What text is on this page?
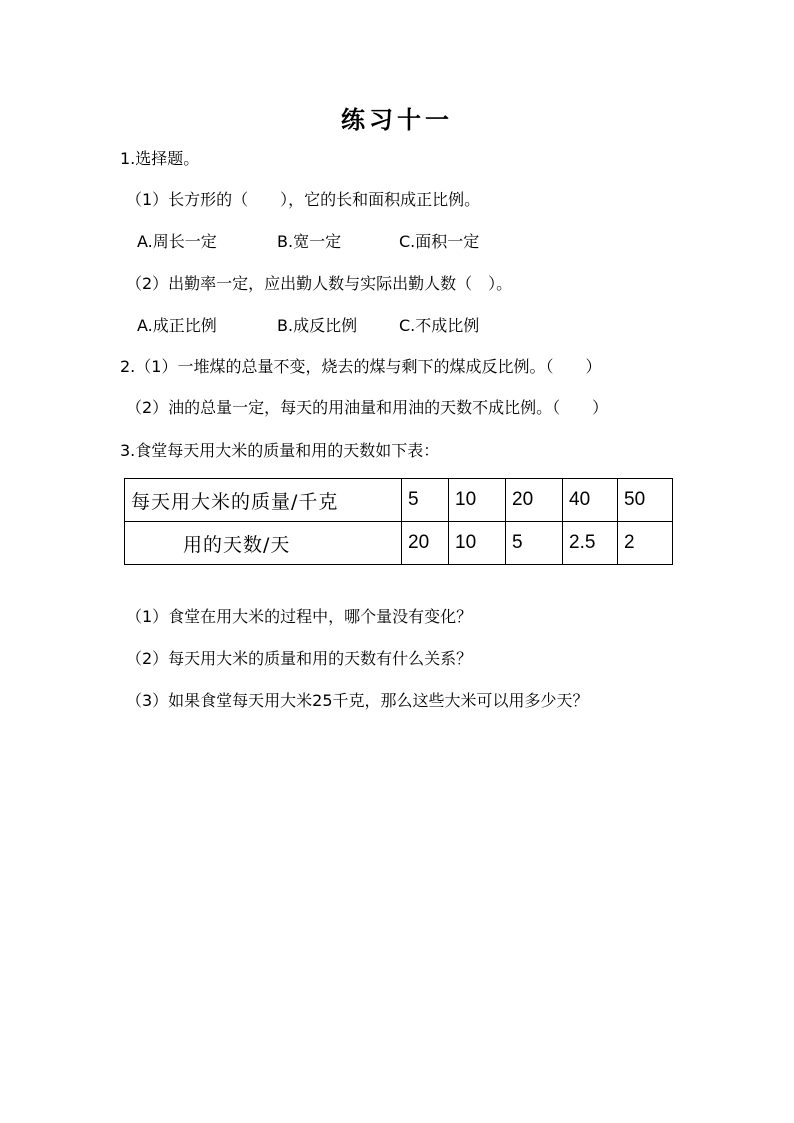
练习十一
1.选择题。
（1）长方形的（　　），它的长和面积成正比例。
A.周长一定	B.宽一定	C.面积一定
（2）出勤率一定，应出勤人数与实际出勤人数（　）。
A.成正比例	B.成反比例	C.不成比例
2.（1）一堆煤的总量不变，烧去的煤与剩下的煤成反比例。（　　）
（2）油的总量一定，每天的用油量和用油的天数不成比例。（　　）
3.食堂每天用大米的质量和用的天数如下表：
每天用大米的质量/千克	5	10	20	40	50
用的天数/天	20	10	5	2.5	2
（1）食堂在用大米的过程中，哪个量没有变化？
（2）每天用大米的质量和用的天数有什么关系？
（3）如果食堂每天用大米25千克，那么这些大米可以用多少天？
